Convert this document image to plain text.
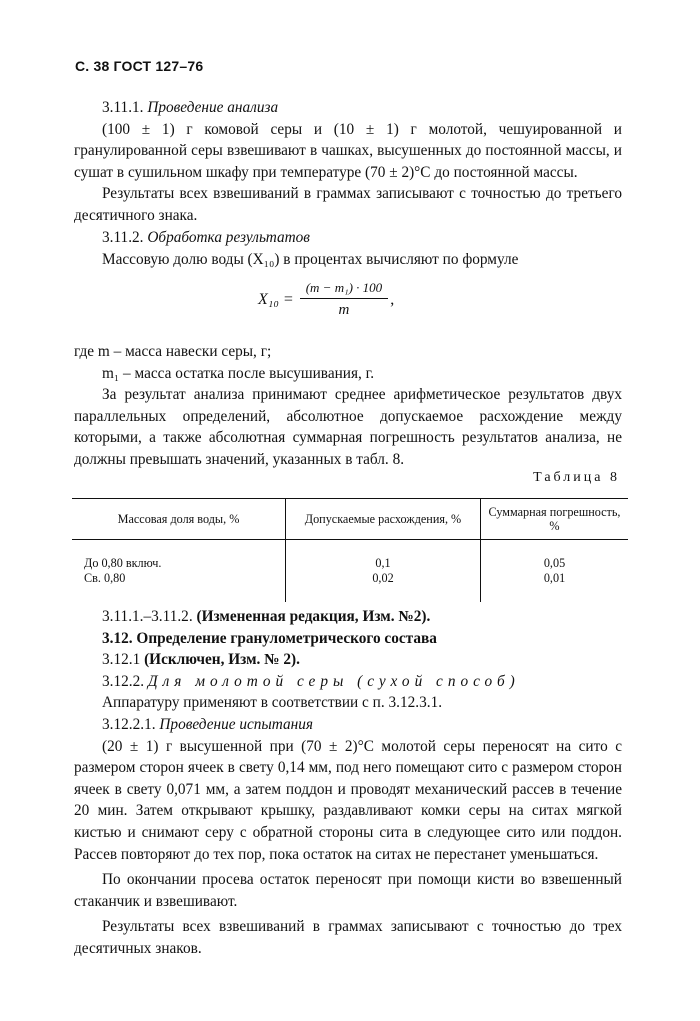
С. 38 ГОСТ 127–76

3.11.1. Проведение анализа

(100 ± 1) г комовой серы и (10 ± 1) г молотой, чешуированной и гранулированной серы взвешивают в чашках, высушенных до постоянной массы, и сушат в сушильном шкафу при температуре (70 ± 2)°С до постоянной массы.

Результаты всех взвешиваний в граммах записывают с точностью до третьего десятичного знака.

3.11.2. Обработка результатов

Массовую долю воды (X₁₀) в процентах вычисляют по формуле

$X_{10} = \frac{\text{(m − m₁) · 100}}{m}$ ,
где m – масса навески серы, г;
m₁ – масса остатка после высушивания, г.

За результат анализа принимают среднее арифметическое результатов двух параллельных определений, абсолютное допускаемое расхождение между которыми, а также абсолютная суммарная погрешность результатов анализа, не должны превышать значений, указанных в табл. 8.

Таблица 8
Массовая доля воды, %	Допускаемые расхождения, %	Суммарная погрешность, %

До 0,80 включ.	0,1	0,05
Св. 0,80	0,02	0,01

3.11.1.–3.11.2. (Измененная редакция, Изм. №2).

3.12. Определение гранулометрического состава

3.12.1 (Исключен, Изм. № 2).

3.12.2. Для молотой серы (сухой способ)

Аппаратуру применяют в соответствии с п. 3.12.3.1.

3.12.2.1. Проведение испытания

(20 ± 1) г высушенной при (70 ± 2)°С молотой серы переносят на сито с размером сторон ячеек в свету 0,14 мм, под него помещают сито с размером сторон ячеек в свету 0,071 мм, а затем поддон и проводят механический рассев в течение 20 мин. Затем открывают крышку, раздавливают комки серы на ситах мягкой кистью и снимают серу с обратной стороны сита в следующее сито или поддон. Рассев повторяют до тех пор, пока остаток на ситах не перестанет уменьшаться.

По окончании просева остаток переносят при помощи кисти во взвешенный стаканчик и взвешивают.

Результаты всех взвешиваний в граммах записывают с точностью до трех десятичных знаков.
